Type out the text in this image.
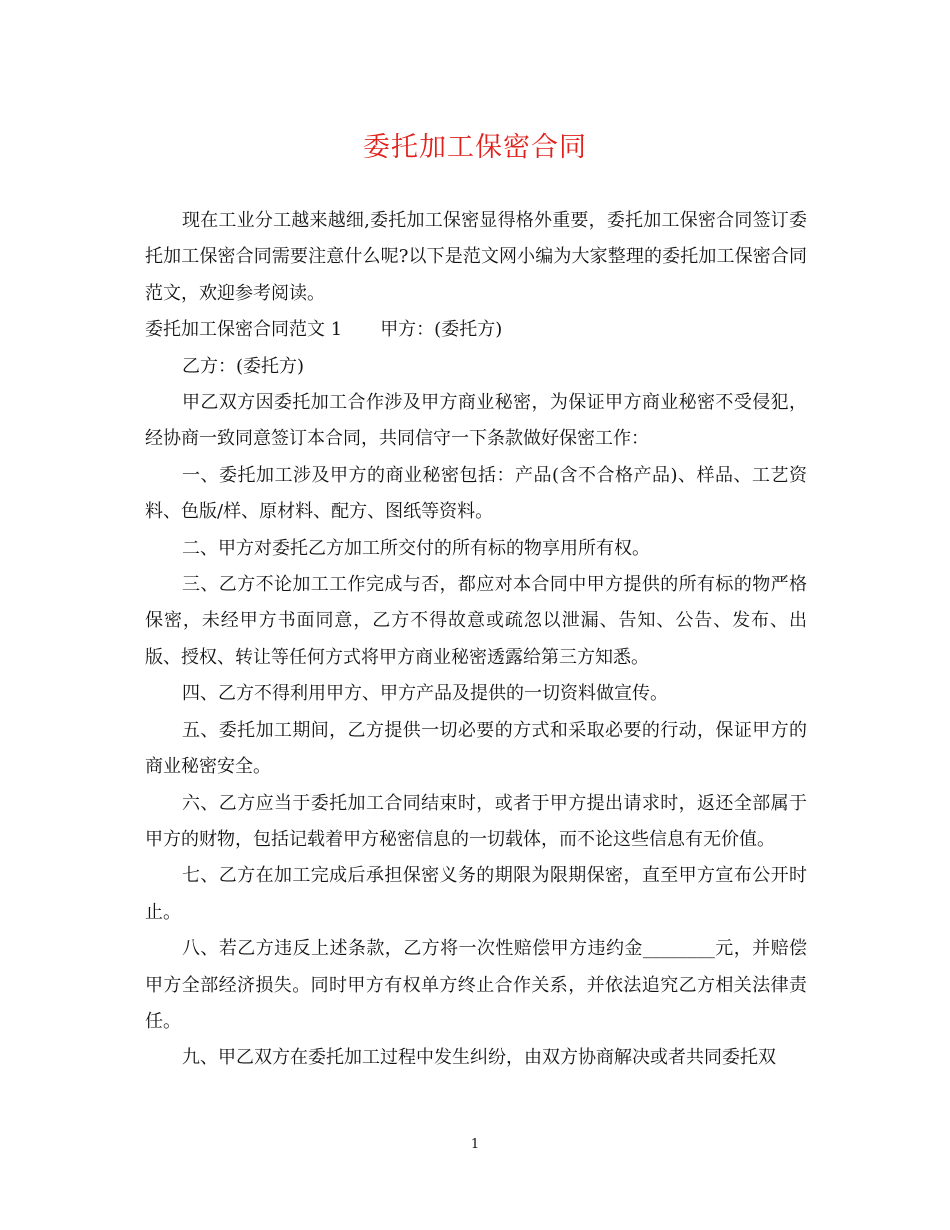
委托加工保密合同

现在工业分工越来越细,委托加工保密显得格外重要，委托加工保密合同签订委托加工保密合同需要注意什么呢?以下是范文网小编为大家整理的委托加工保密合同范文，欢迎参考阅读。

委托加工保密合同范文 1 甲方：(委托方)

乙方：(委托方)

甲乙双方因委托加工合作涉及甲方商业秘密，为保证甲方商业秘密不受侵犯，经协商一致同意签订本合同，共同信守一下条款做好保密工作：

一、委托加工涉及甲方的商业秘密包括：产品(含不合格产品)、样品、工艺资料、色版/样、原材料、配方、图纸等资料。

二、甲方对委托乙方加工所交付的所有标的物享用所有权。

三、乙方不论加工工作完成与否，都应对本合同中甲方提供的所有标的物严格保密，未经甲方书面同意，乙方不得故意或疏忽以泄漏、告知、公告、发布、出版、授权、转让等任何方式将甲方商业秘密透露给第三方知悉。

四、乙方不得利用甲方、甲方产品及提供的一切资料做宣传。

五、委托加工期间，乙方提供一切必要的方式和采取必要的行动，保证甲方的商业秘密安全。

六、乙方应当于委托加工合同结束时，或者于甲方提出请求时，返还全部属于甲方的财物，包括记载着甲方秘密信息的一切载体，而不论这些信息有无价值。

七、乙方在加工完成后承担保密义务的期限为限期保密，直至甲方宣布公开时止。

八、若乙方违反上述条款，乙方将一次性赔偿甲方违约金________元，并赔偿甲方全部经济损失。同时甲方有权单方终止合作关系，并依法追究乙方相关法律责任。

九、甲乙双方在委托加工过程中发生纠纷，由双方协商解决或者共同委托双

1
